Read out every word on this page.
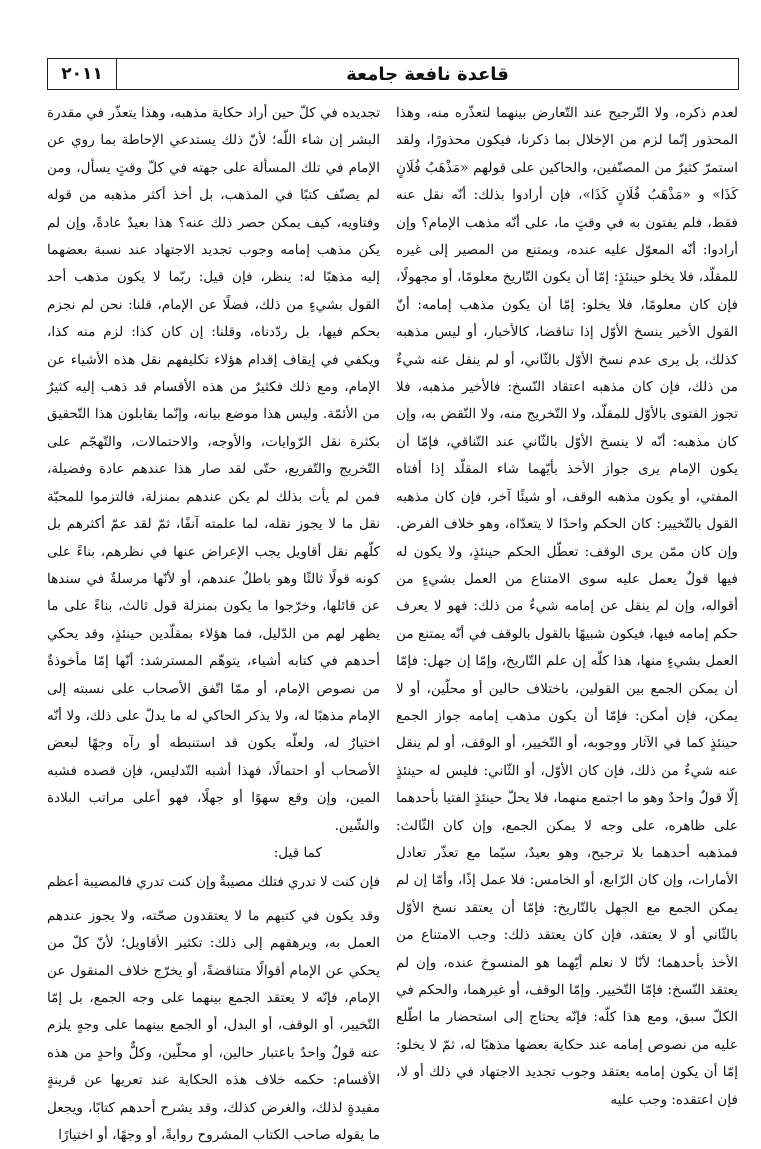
قاعدة نافعة جامعة
٢٠١١

لعدم ذكره، ولا التّرجيح عند التّعارض بينهما لتعذّره منه، وهذا المحذور إنّما لزم من الإخلال بما ذكرنا، فيكون محذورًا، ولقد استمرّ كثيرٌ من المصنّفين، والحاكين على قولهم «مَذْهَبُ فُلَانٍ كَذَا» و «مَذْهَبُ فُلَانٍ كَذَا»، فإن أرادوا بذلك: أنّه نقل عنه فقط، فلم يفتون به في وقتٍ ما، على أنّه مذهب الإمام؟ وإن أرادوا: أنّه المعوّل عليه عنده، ويمتنع من المصير إلى غيره للمقلّد، فلا يخلو حينئذٍ: إمّا أن يكون التّاريخ معلومًا، أو مجهولًا، فإن كان معلومًا، فلا يخلو: إمّا أن يكون مذهب إمامه: أنّ القول الأخير ينسخ الأوّل إذا تناقضا، كالأخبار، أو ليس مذهبه كذلك، بل يرى عدم نسخ الأوّل بالثّاني، أو لم ينقل عنه شيءٌ من ذلك، فإن كان مذهبه اعتقاد النّسخ: فالأخير مذهبه، فلا تجوز الفتوى بالأوّل للمقلّد، ولا التّخريج منه، ولا النّقض به، وإن كان مذهبه: أنّه لا ينسخ الأوّل بالثّاني عند التّناقي، فإمّا أن يكون الإمام يرى جواز الأخذ بأيّهما شاء المقلّد إذا أفتاه المفتي، أو يكون مذهبه الوقف، أو شيئًا آخر، فإن كان مذهبه القول بالتّخيير: كان الحكم واحدًا لا يتعدّاه، وهو خلاف الفرض. وإن كان ممّن يرى الوقف: تعطّل الحكم حينئذٍ، ولا يكون له فيها قولٌ يعمل عليه سوى الامتناع من العمل بشيءٍ من أقواله، وإن لم ينقل عن إمامه شيءٌ من ذلك: فهو لا يعرف حكم إمامه فيها، فيكون شبيهًا بالقول بالوقف في أنّه يمتنع من العمل بشيءٍ منها، هذا كلّه إن علم التّاريخ، وإمّا إن جهل: فإمّا أن يمكن الجمع بين القولين، باختلاف حالين أو محلّين، أو لا يمكن، فإن أمكن: فإمّا أن يكون مذهب إمامه جواز الجمع حينئذٍ كما في الآثار ووجوبه، أو التّخيير، أو الوقف، أو لم ينقل عنه شيءٌ من ذلك، فإن كان الأوّل، أو الثّاني: فليس له حينئذٍ إلّا قولٌ واحدٌ وهو ما اجتمع منهما، فلا يحلّ حينئذٍ الفتيا بأحدهما على ظاهره، على وجه لا يمكن الجمع، وإن كان الثّالث: فمذهبه أحدهما بلا ترجيح، وهو بعيدٌ، سيّما مع تعذّر تعادل الأمارات، وإن كان الرّابع، أو الخامس: فلا عمل إذًا، وأمّا إن لم يمكن الجمع مع الجهل بالتّاريخ: فإمّا أن يعتقد نسخ الأوّل بالثّاني أو لا يعتقد، فإن كان يعتقد ذلك: وجب الامتناع من الأخذ بأحدهما؛ لأنّا لا نعلم أيّهما هو المنسوخ عنده، وإن لم يعتقد النّسخ: فإمّا التّخيير. وإمّا الوقف، أو غيرهما، والحكم في الكلّ سبق، ومع هذا كلّه: فإنّه يحتاج إلى استحضار ما اطّلع عليه من نصوص إمامه عند حكاية بعضها مذهبًا له، ثمّ لا يخلو: إمّا أن يكون إمامه يعتقد وجوب تجديد الاجتهاد في ذلك أو لا، فإن اعتقده: وجب عليه

تجديده في كلّ حين أراد حكاية مذهبه، وهذا يتعذّر في مقدرة البشر إن شاء اللّه؛ لأنّ ذلك يستدعي الإحاطة بما روي عن الإمام في تلك المسألة على جهته في كلّ وقتٍ يسأل، ومن لم يصنّف كتبًا في المذهب، بل أخذ أكثر مذهبه من قوله وفتاويه، كيف يمكن حصر ذلك عنه؟ هذا بعيدٌ عادةً، وإن لم يكن مذهب إمامه وجوب تجديد الاجتهاد عند نسبة بعضهما إليه مذهبًا له: ينظر، فإن قيل: ربّما لا يكون مذهب أحد القول بشيءٍ من ذلك، فضلًا عن الإمام، قلنا: نحن لم نجزم بحكم فيها، بل ردّدناه، وقلنا: إن كان كذا: لزم منه كذا، ويكفي في إيقاف إقدام هؤلاء تكليفهم نقل هذه الأشياء عن الإمام، ومع ذلك فكثيرٌ من هذه الأقسام قد ذهب إليه كثيرٌ من الأئمّة. وليس هذا موضع بيانه، وإنّما يقابلون هذا التّحقيق بكثرة نقل الرّوايات، والأوجه، والاحتمالات، والتّهجّم على التّخريج والتّفريع، حتّى لقد صار هذا عندهم عادة وفضيلة، فمن لم يأت بذلك لم يكن عندهم بمنزلة، فالتزموا للمحبّة نقل ما لا يجوز نقله، لما علمته آنفًا، ثمّ لقد عمّ أكثرهم بل كلّهم نقل أقاويل يجب الإعراض عنها في نظرهم، بناءً على كونه قولًا ثالثًا وهو باطلٌ عندهم، أو لأنّها مرسلةٌ في سندها عن قائلها، وخرّجوا ما يكون بمنزلة قول ثالث، بناءً على ما يظهر لهم من الدّليل، فما هؤلاء بمقلّدين حينئذٍ، وقد يحكي أحدهم في كتابه أشياء، يتوهّم المسترشد: أنّها إمّا مأخوذةٌ من نصوص الإمام، أو ممّا اتّفق الأصحاب على نسبته إلى الإمام مذهبًا له، ولا يذكر الحاكي له ما يدلّ على ذلك، ولا أنّه اختيارٌ له، ولعلّه يكون قد استنبطه أو رآه وجهًا لبعض الأصحاب أو احتمالًا، فهذا أشبه التّدليس، فإن قصده فشبه المين، وإن وقع سهوًا أو جهلًا، فهو أعلى مراتب البلادة والشّين.

كما قيل:

فإن كنت لا تدري فتلك مصيبةٌ
وإن كنت تدري فالمصيبة أعظم

وقد يكون في كتبهم ما لا يعتقدون صحّته، ولا يجوز عندهم العمل به، ويرهقهم إلى ذلك: تكثير الأقاويل؛ لأنّ كلّ من يحكي عن الإمام أقوالًا متناقضةً، أو يخرّج خلاف المنقول عن الإمام، فإنّه لا يعتقد الجمع بينهما على وجه الجمع، بل إمّا التّخيير، أو الوقف، أو البدل، أو الجمع بينهما على وجهٍ يلزم عنه قولٌ واحدٌ باعتبار حالين، أو محلّين، وكلٌّ واحدٍ من هذه الأقسام: حكمه خلاف هذه الحكاية عند تعريها عن قرينةٍ مفيدةٍ لذلك، والغرض كذلك، وقد يشرح أحدهم كتابًا، ويجعل ما يقوله صاحب الكتاب المشروح روايةً، أو وجهًا، أو اختيارًا
